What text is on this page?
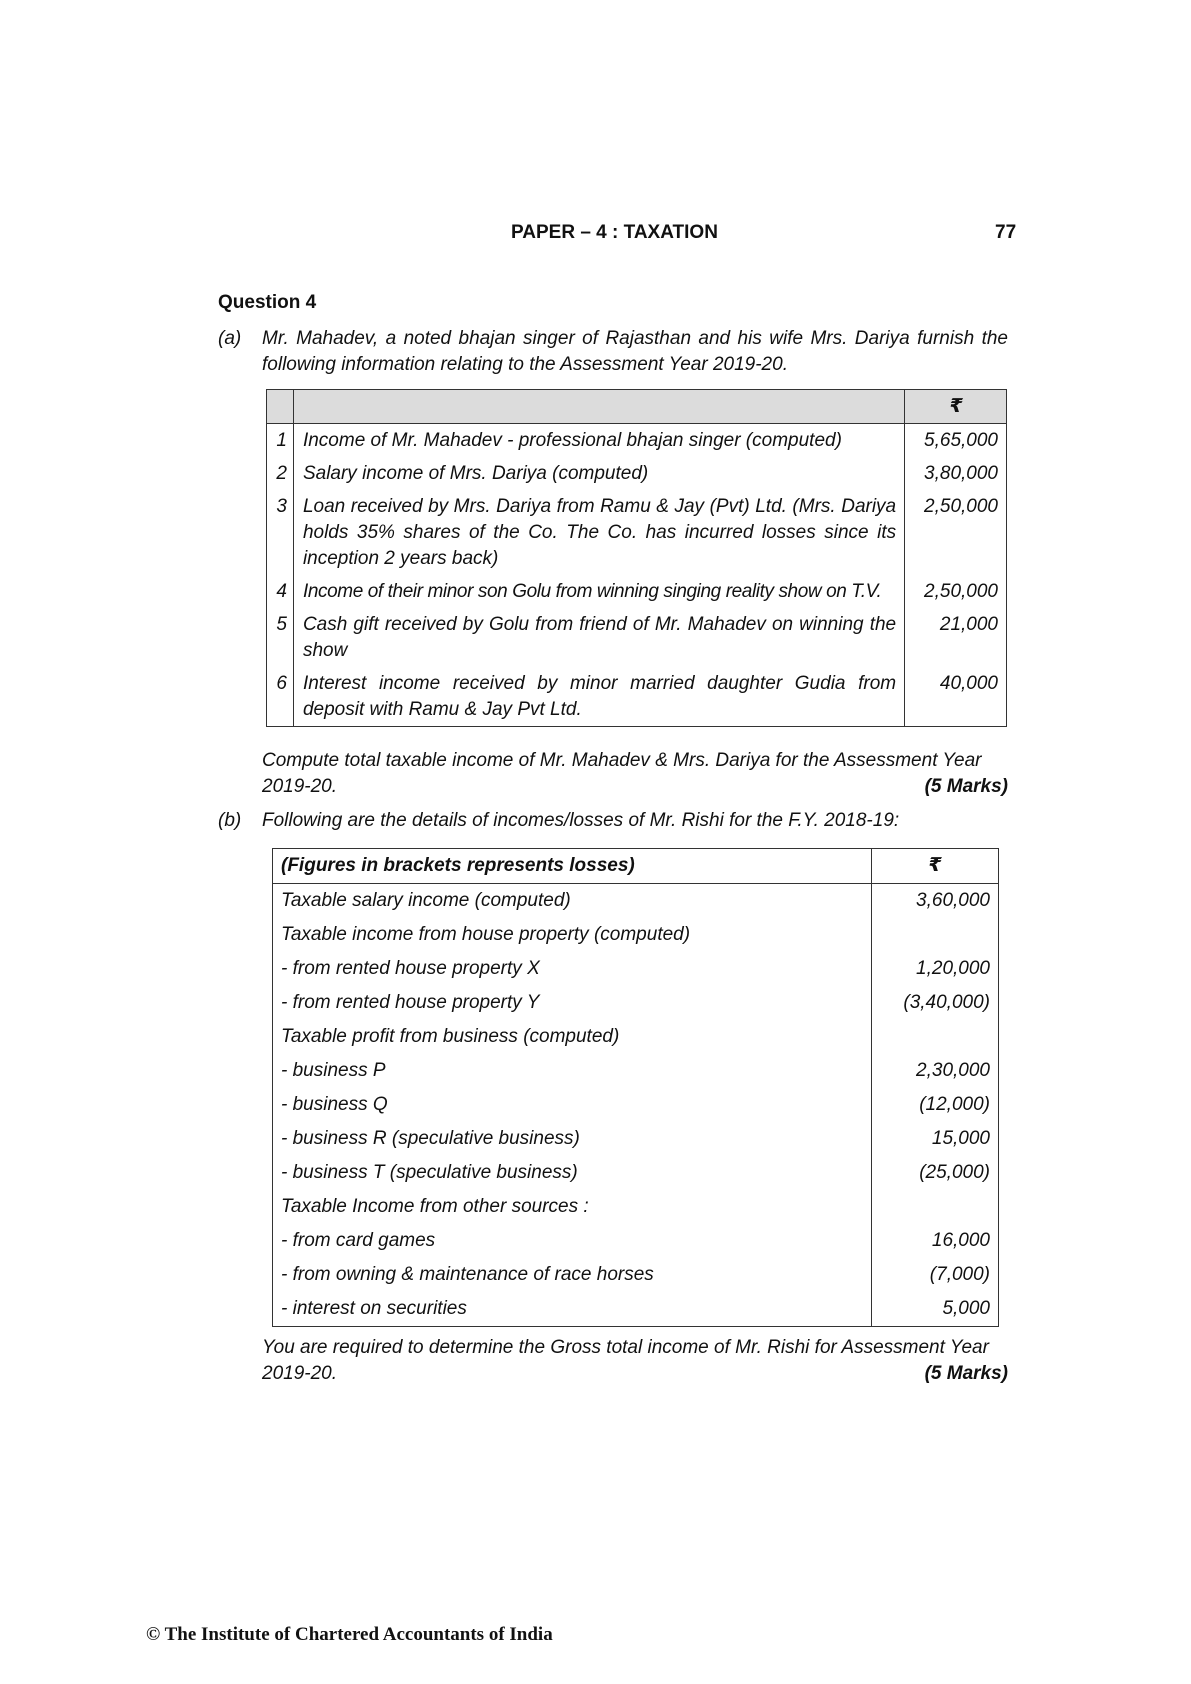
PAPER – 4 : TAXATION	77
Question 4
(a) Mr. Mahadev, a noted bhajan singer of Rajasthan and his wife Mrs. Dariya furnish the following information relating to the Assessment Year 2019-20.
		₹
1	Income of Mr. Mahadev - professional bhajan singer (computed)	5,65,000
2	Salary income of Mrs. Dariya (computed)	3,80,000
3	Loan received by Mrs. Dariya from Ramu & Jay (Pvt) Ltd. (Mrs. Dariya holds 35% shares of the Co. The Co. has incurred losses since its inception 2 years back)	2,50,000
4	Income of their minor son Golu from winning singing reality show on T.V.	2,50,000
5	Cash gift received by Golu from friend of Mr. Mahadev on winning the show	21,000
6	Interest income received by minor married daughter Gudia from deposit with Ramu & Jay Pvt Ltd.	40,000
Compute total taxable income of Mr. Mahadev & Mrs. Dariya for the Assessment Year
2019-20.	(5 Marks)
(b) Following are the details of incomes/losses of Mr. Rishi for the F.Y. 2018-19:
(Figures in brackets represents losses)	₹
Taxable salary income (computed)	3,60,000
Taxable income from house property (computed)	
- from rented house property X	1,20,000
- from rented house property Y	(3,40,000)
Taxable profit from business (computed)	
- business P	2,30,000
- business Q	(12,000)
- business R (speculative business)	15,000
- business T (speculative business)	(25,000)
Taxable Income from other sources :	
- from card games	16,000
- from owning & maintenance of race horses	(7,000)
- interest on securities	5,000
You are required to determine the Gross total income of Mr. Rishi for Assessment Year
2019-20.	(5 Marks)
© The Institute of Chartered Accountants of India
